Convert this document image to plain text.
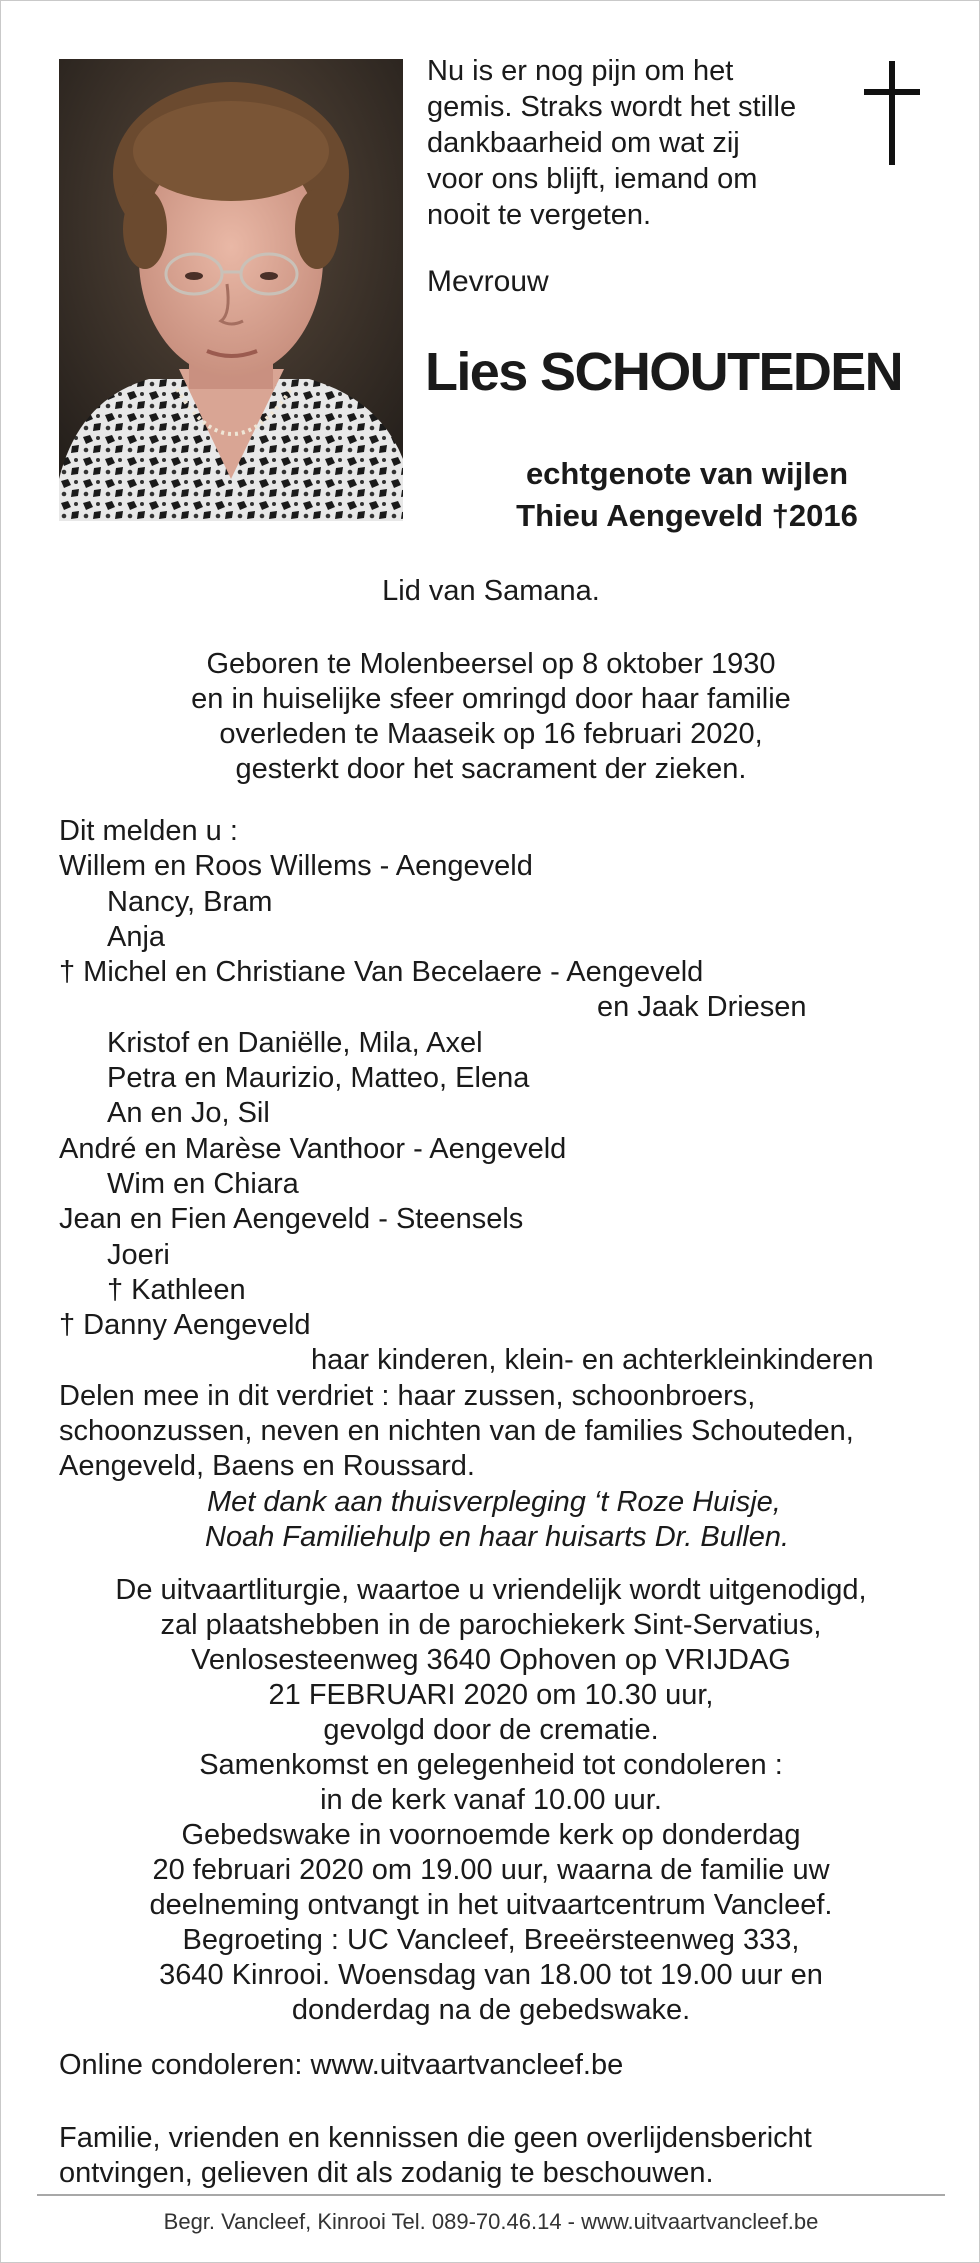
Nu is er nog pijn om het
gemis. Straks wordt het stille
dankbaarheid om wat zij
voor ons blijft, iemand om
nooit te vergeten.
Mevrouw
Lies SCHOUTEDEN
echtgenote van wijlen
Thieu Aengeveld †2016
Lid van Samana.
Geboren te Molenbeersel op 8 oktober 1930
en in huiselijke sfeer omringd door haar familie
overleden te Maaseik op 16 februari 2020,
gesterkt door het sacrament der zieken.
Dit melden u :
Willem en Roos Willems - Aengeveld
Nancy, Bram
Anja
† Michel en Christiane Van Becelaere - Aengeveld
en Jaak Driesen
Kristof en Daniëlle, Mila, Axel
Petra en Maurizio, Matteo, Elena
An en Jo, Sil
André en Marèse Vanthoor - Aengeveld
Wim en Chiara
Jean en Fien Aengeveld - Steensels
Joeri
† Kathleen
† Danny Aengeveld
haar kinderen, klein- en achterkleinkinderen
Delen mee in dit verdriet : haar zussen, schoonbroers,
schoonzussen, neven en nichten van de families Schouteden,
Aengeveld, Baens en Roussard.
Met dank aan thuisverpleging ‘t Roze Huisje,
Noah Familiehulp en haar huisarts Dr. Bullen.
De uitvaartliturgie, waartoe u vriendelijk wordt uitgenodigd,
zal plaatshebben in de parochiekerk Sint-Servatius,
Venlosesteenweg 3640 Ophoven op VRIJDAG
21 FEBRUARI 2020 om 10.30 uur,
gevolgd door de crematie.
Samenkomst en gelegenheid tot condoleren :
in de kerk vanaf 10.00 uur.
Gebedswake in voornoemde kerk op donderdag
20 februari 2020 om 19.00 uur, waarna de familie uw
deelneming ontvangt in het uitvaartcentrum Vancleef.
Begroeting : UC Vancleef, Breeërsteenweg 333,
3640 Kinrooi. Woensdag van 18.00 tot 19.00 uur en
donderdag na de gebedswake.
Online condoleren: www.uitvaartvancleef.be
Familie, vrienden en kennissen die geen overlijdensbericht
ontvingen, gelieven dit als zodanig te beschouwen.
Begr. Vancleef, Kinrooi Tel. 089-70.46.14 - www.uitvaartvancleef.be
